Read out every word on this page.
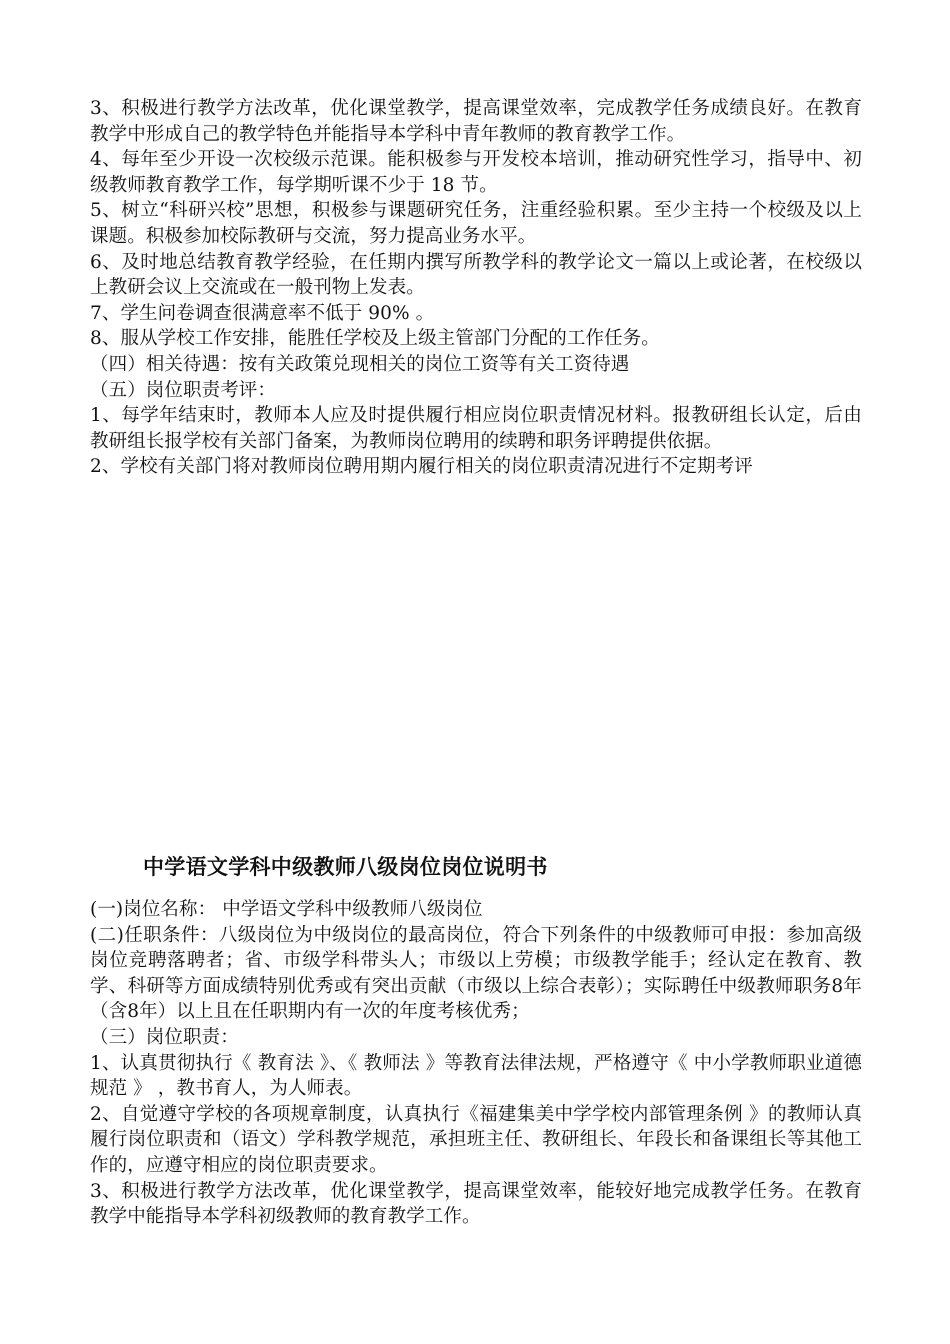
3、积极进行教学方法改革，优化课堂教学，提高课堂效率，完成教学任务成绩良好。在教育教学中形成自己的教学特色并能指导本学科中青年教师的教育教学工作。

4、每年至少开设一次校级示范课。能积极参与开发校本培训，推动研究性学习，指导中、初级教师教育教学工作，每学期听课不少于 18 节。

5、树立“科研兴校”思想，积极参与课题研究任务，注重经验积累。至少主持一个校级及以上课题。积极参加校际教研与交流，努力提高业务水平。

6、及时地总结教育教学经验，在任期内撰写所教学科的教学论文一篇以上或论著，在校级以上教研会议上交流或在一般刊物上发表。

7、学生问卷调查很满意率不低于 90% 。

8、服从学校工作安排，能胜任学校及上级主管部门分配的工作任务。

（四）相关待遇：按有关政策兑现相关的岗位工资等有关工资待遇

（五）岗位职责考评：

1、每学年结束时，教师本人应及时提供履行相应岗位职责情况材料。报教研组长认定，后由教研组长报学校有关部门备案，为教师岗位聘用的续聘和职务评聘提供依据。

2、学校有关部门将对教师岗位聘用期内履行相关的岗位职责清况进行不定期考评

中学语文学科中级教师八级岗位岗位说明书

(一)岗位名称： 中学语文学科中级教师八级岗位

(二)任职条件：八级岗位为中级岗位的最高岗位，符合下列条件的中级教师可申报：参加高级岗位竞聘落聘者；省、市级学科带头人；市级以上劳模；市级教学能手；经认定在教育、教学、科研等方面成绩特别优秀或有突出贡献（市级以上综合表彰）；实际聘任中级教师职务8年（含8年）以上且在任职期内有一次的年度考核优秀；

（三）岗位职责：

1、认真贯彻执行《 教育法 》、《 教师法 》等教育法律法规，严格遵守《 中小学教师职业道德规范 》 ，教书育人，为人师表。

2、自觉遵守学校的各项规章制度，认真执行《福建集美中学学校内部管理条例 》的教师认真履行岗位职责和（语文）学科教学规范，承担班主任、教研组长、年段长和备课组长等其他工作的，应遵守相应的岗位职责要求。

3、积极进行教学方法改革，优化课堂教学，提高课堂效率，能较好地完成教学任务。在教育教学中能指导本学科初级教师的教育教学工作。
